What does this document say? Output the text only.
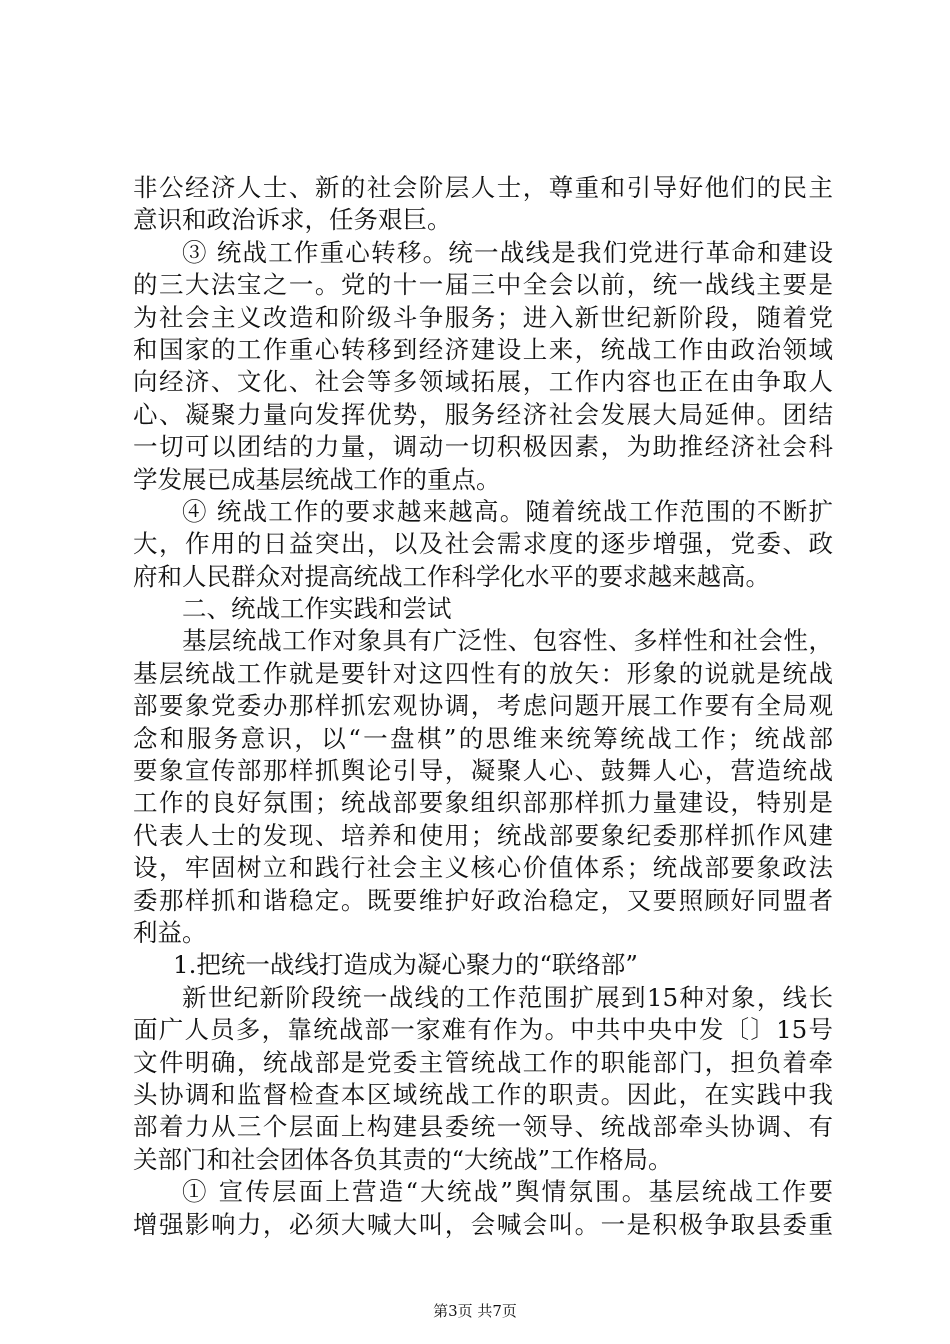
非公经济人士、新的社会阶层人士，尊重和引导好他们的民主
意识和政治诉求，任务艰巨。
③ 统战工作重心转移。统一战线是我们党进行革命和建设
的三大法宝之一。党的十一届三中全会以前，统一战线主要是
为社会主义改造和阶级斗争服务；进入新世纪新阶段，随着党
和国家的工作重心转移到经济建设上来，统战工作由政治领域
向经济、文化、社会等多领域拓展，工作内容也正在由争取人
心、凝聚力量向发挥优势，服务经济社会发展大局延伸。团结
一切可以团结的力量，调动一切积极因素，为助推经济社会科
学发展已成基层统战工作的重点。
④ 统战工作的要求越来越高。随着统战工作范围的不断扩
大，作用的日益突出，以及社会需求度的逐步增强，党委、政
府和人民群众对提高统战工作科学化水平的要求越来越高。
二、统战工作实践和尝试
基层统战工作对象具有广泛性、包容性、多样性和社会性，
基层统战工作就是要针对这四性有的放矢：形象的说就是统战
部要象党委办那样抓宏观协调，考虑问题开展工作要有全局观
念和服务意识，以“一盘棋”的思维来统筹统战工作；统战部
要象宣传部那样抓舆论引导，凝聚人心、鼓舞人心，营造统战
工作的良好氛围；统战部要象组织部那样抓力量建设，特别是
代表人士的发现、培养和使用；统战部要象纪委那样抓作风建
设，牢固树立和践行社会主义核心价值体系；统战部要象政法
委那样抓和谐稳定。既要维护好政治稳定，又要照顾好同盟者
利益。
1.把统一战线打造成为凝心聚力的“联络部”
新世纪新阶段统一战线的工作范围扩展到15种对象，线长
面广人员多，靠统战部一家难有作为。中共中央中发〔〕15号
文件明确，统战部是党委主管统战工作的职能部门，担负着牵
头协调和监督检查本区域统战工作的职责。因此，在实践中我
部着力从三个层面上构建县委统一领导、统战部牵头协调、有
关部门和社会团体各负其责的“大统战”工作格局。
① 宣传层面上营造“大统战”舆情氛围。基层统战工作要
增强影响力，必须大喊大叫，会喊会叫。一是积极争取县委重
第3页 共7页
